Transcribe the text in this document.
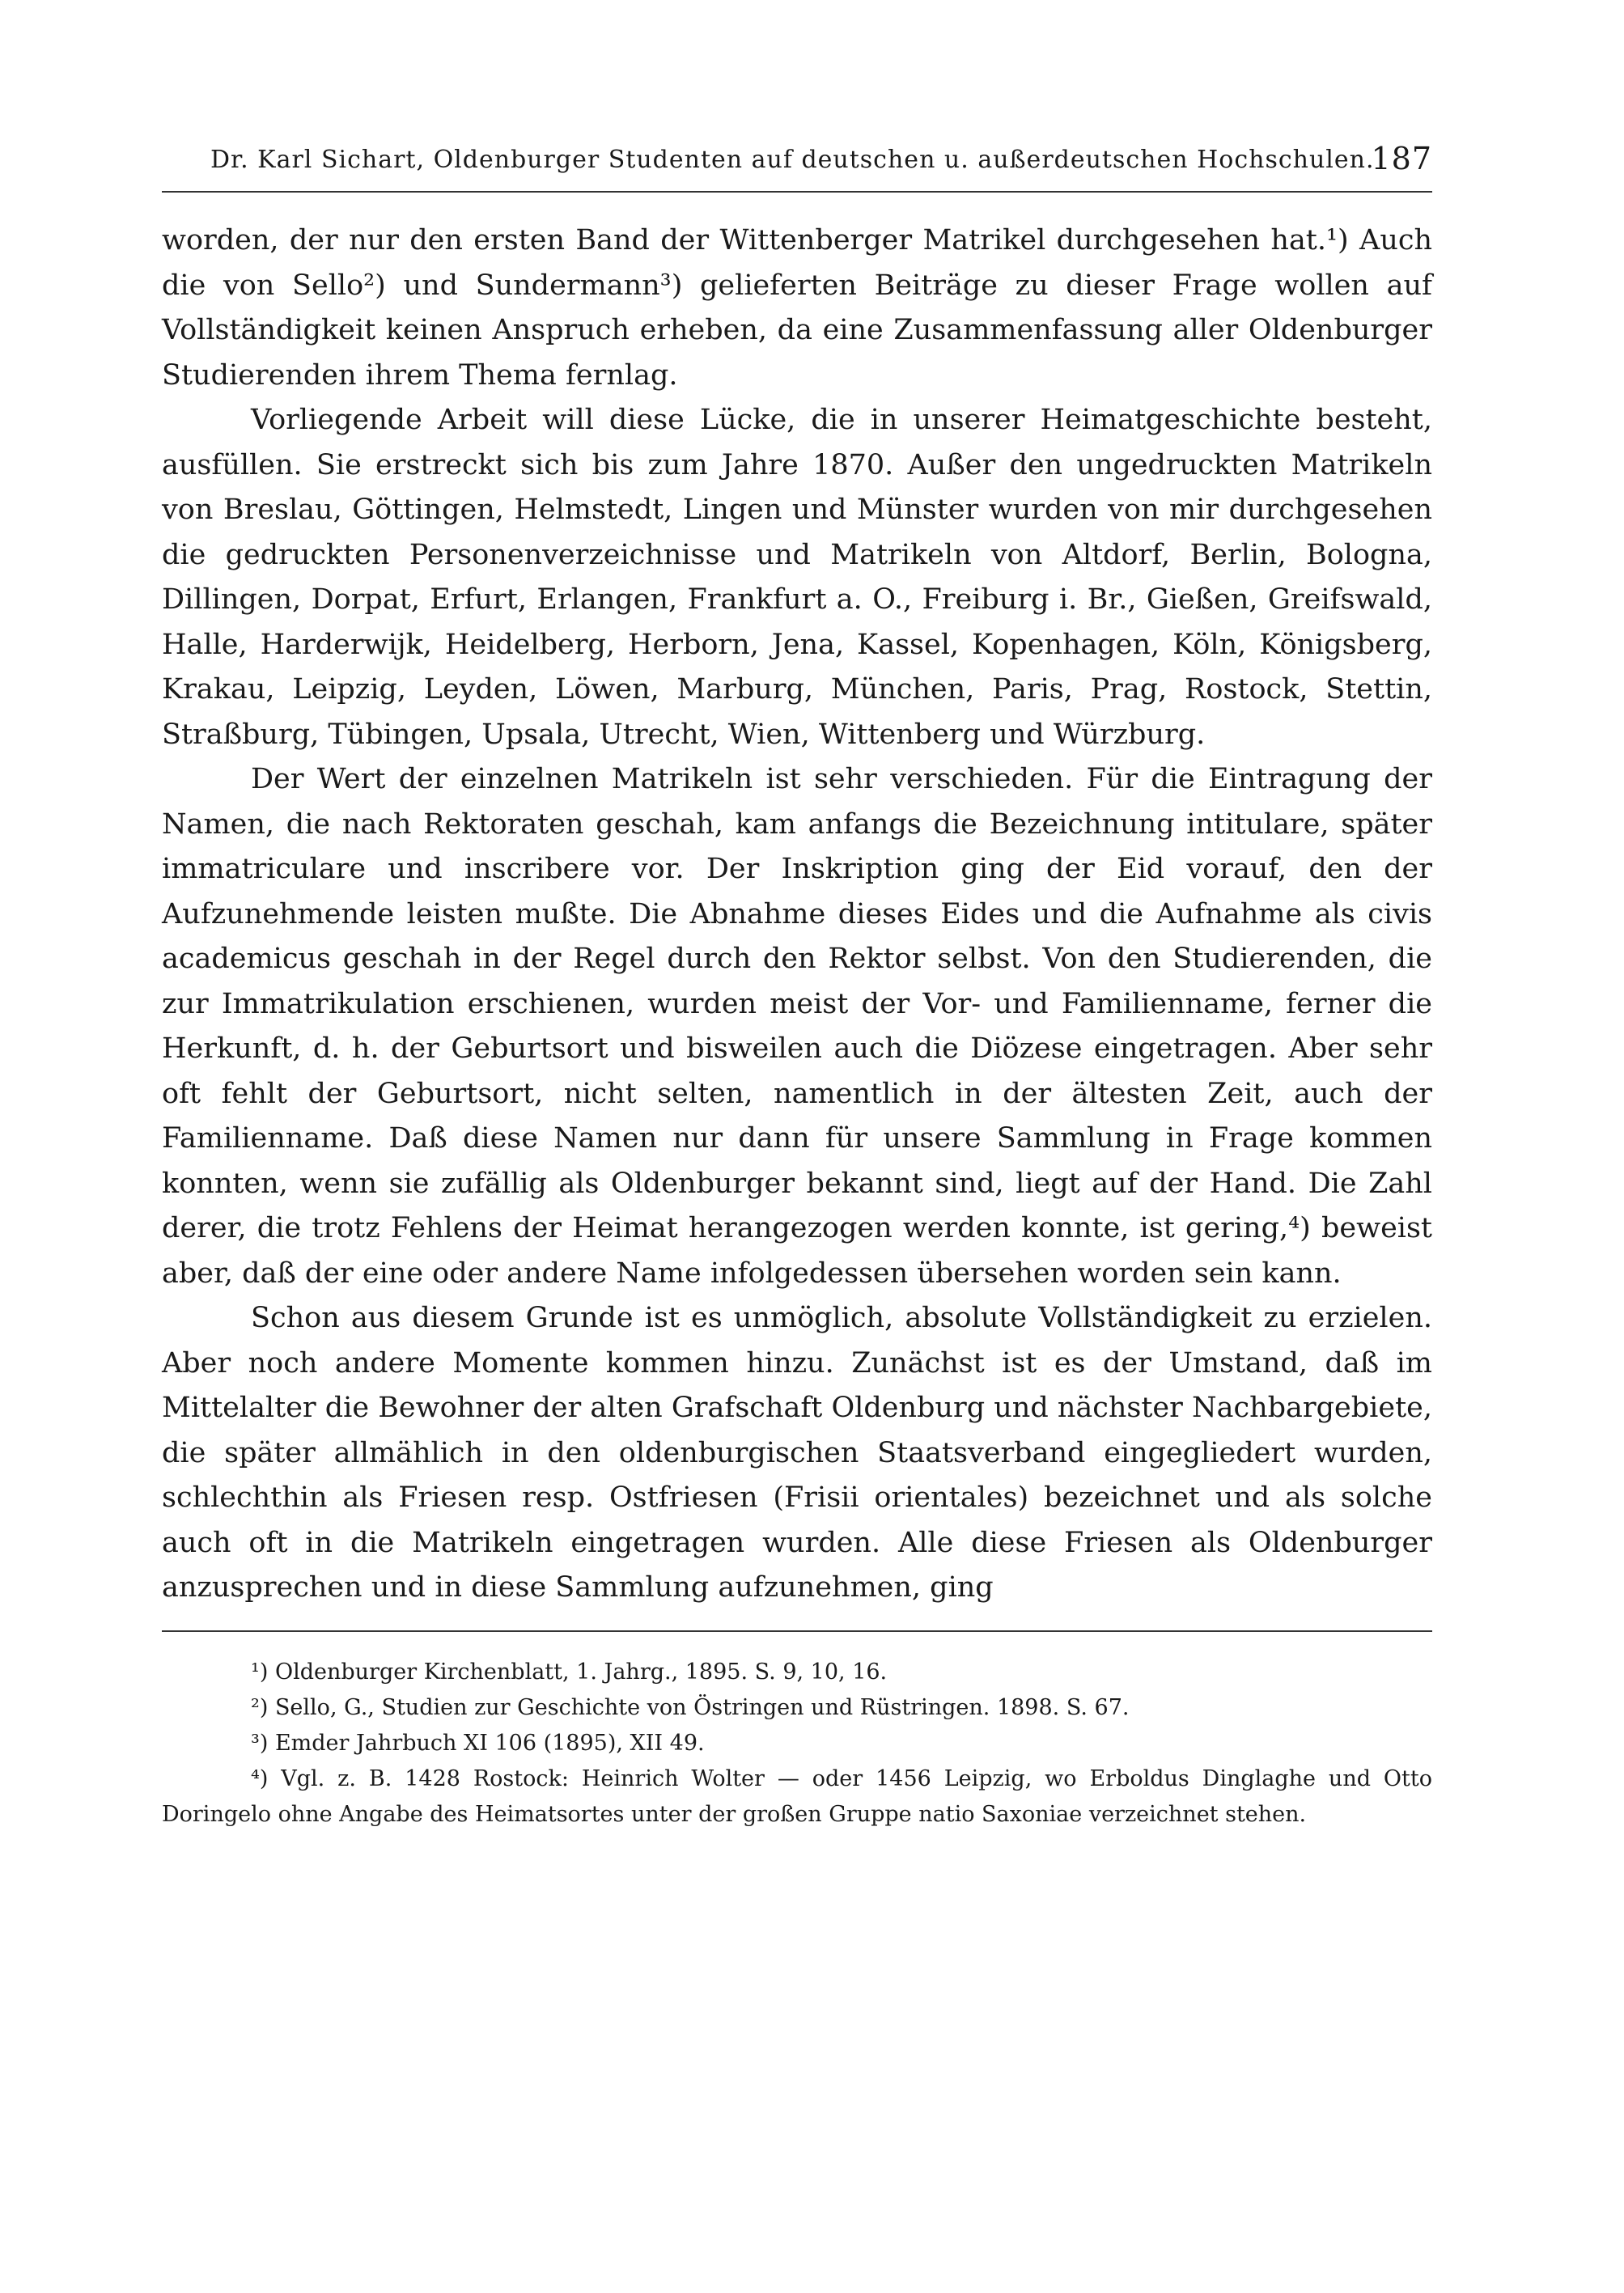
Dr. Karl Sichart, Oldenburger Studenten auf deutschen u. außerdeutschen Hochschulen.
187

worden, der nur den ersten Band der Wittenberger Matrikel durchgesehen hat.¹) Auch die von Sello²) und Sundermann³) gelieferten Beiträge zu dieser Frage wollen auf Vollständigkeit keinen Anspruch erheben, da eine Zusammenfassung aller Oldenburger Studierenden ihrem Thema fernlag.

Vorliegende Arbeit will diese Lücke, die in unserer Heimatgeschichte besteht, ausfüllen. Sie erstreckt sich bis zum Jahre 1870. Außer den ungedruckten Matrikeln von Breslau, Göttingen, Helmstedt, Lingen und Münster wurden von mir durchgesehen die gedruckten Personenverzeichnisse und Matrikeln von Altdorf, Berlin, Bologna, Dillingen, Dorpat, Erfurt, Erlangen, Frankfurt a. O., Freiburg i. Br., Gießen, Greifswald, Halle, Harderwijk, Heidelberg, Herborn, Jena, Kassel, Kopenhagen, Köln, Königsberg, Krakau, Leipzig, Leyden, Löwen, Marburg, München, Paris, Prag, Rostock, Stettin, Straßburg, Tübingen, Upsala, Utrecht, Wien, Wittenberg und Würzburg.

Der Wert der einzelnen Matrikeln ist sehr verschieden. Für die Eintragung der Namen, die nach Rektoraten geschah, kam anfangs die Bezeichnung intitulare, später immatriculare und inscribere vor. Der Inskription ging der Eid vorauf, den der Aufzunehmende leisten mußte. Die Abnahme dieses Eides und die Aufnahme als civis academicus geschah in der Regel durch den Rektor selbst. Von den Studierenden, die zur Immatrikulation erschienen, wurden meist der Vor- und Familienname, ferner die Herkunft, d. h. der Geburtsort und bisweilen auch die Diözese eingetragen. Aber sehr oft fehlt der Geburtsort, nicht selten, namentlich in der ältesten Zeit, auch der Familienname. Daß diese Namen nur dann für unsere Sammlung in Frage kommen konnten, wenn sie zufällig als Oldenburger bekannt sind, liegt auf der Hand. Die Zahl derer, die trotz Fehlens der Heimat herangezogen werden konnte, ist gering,⁴) beweist aber, daß der eine oder andere Name infolgedessen übersehen worden sein kann.

Schon aus diesem Grunde ist es unmöglich, absolute Vollständigkeit zu erzielen. Aber noch andere Momente kommen hinzu. Zunächst ist es der Umstand, daß im Mittelalter die Bewohner der alten Grafschaft Oldenburg und nächster Nachbargebiete, die später allmählich in den oldenburgischen Staatsverband eingegliedert wurden, schlechthin als Friesen resp. Ostfriesen (Frisii orientales) bezeichnet und als solche auch oft in die Matrikeln eingetragen wurden. Alle diese Friesen als Oldenburger anzusprechen und in diese Sammlung aufzunehmen, ging

¹) Oldenburger Kirchenblatt, 1. Jahrg., 1895. S. 9, 10, 16.

²) Sello, G., Studien zur Geschichte von Östringen und Rüstringen. 1898. S. 67.

³) Emder Jahrbuch XI 106 (1895), XII 49.

⁴) Vgl. z. B. 1428 Rostock: Heinrich Wolter — oder 1456 Leipzig, wo Erboldus Dinglaghe und Otto Doringelo ohne Angabe des Heimatsortes unter der großen Gruppe natio Saxoniae verzeichnet stehen.
